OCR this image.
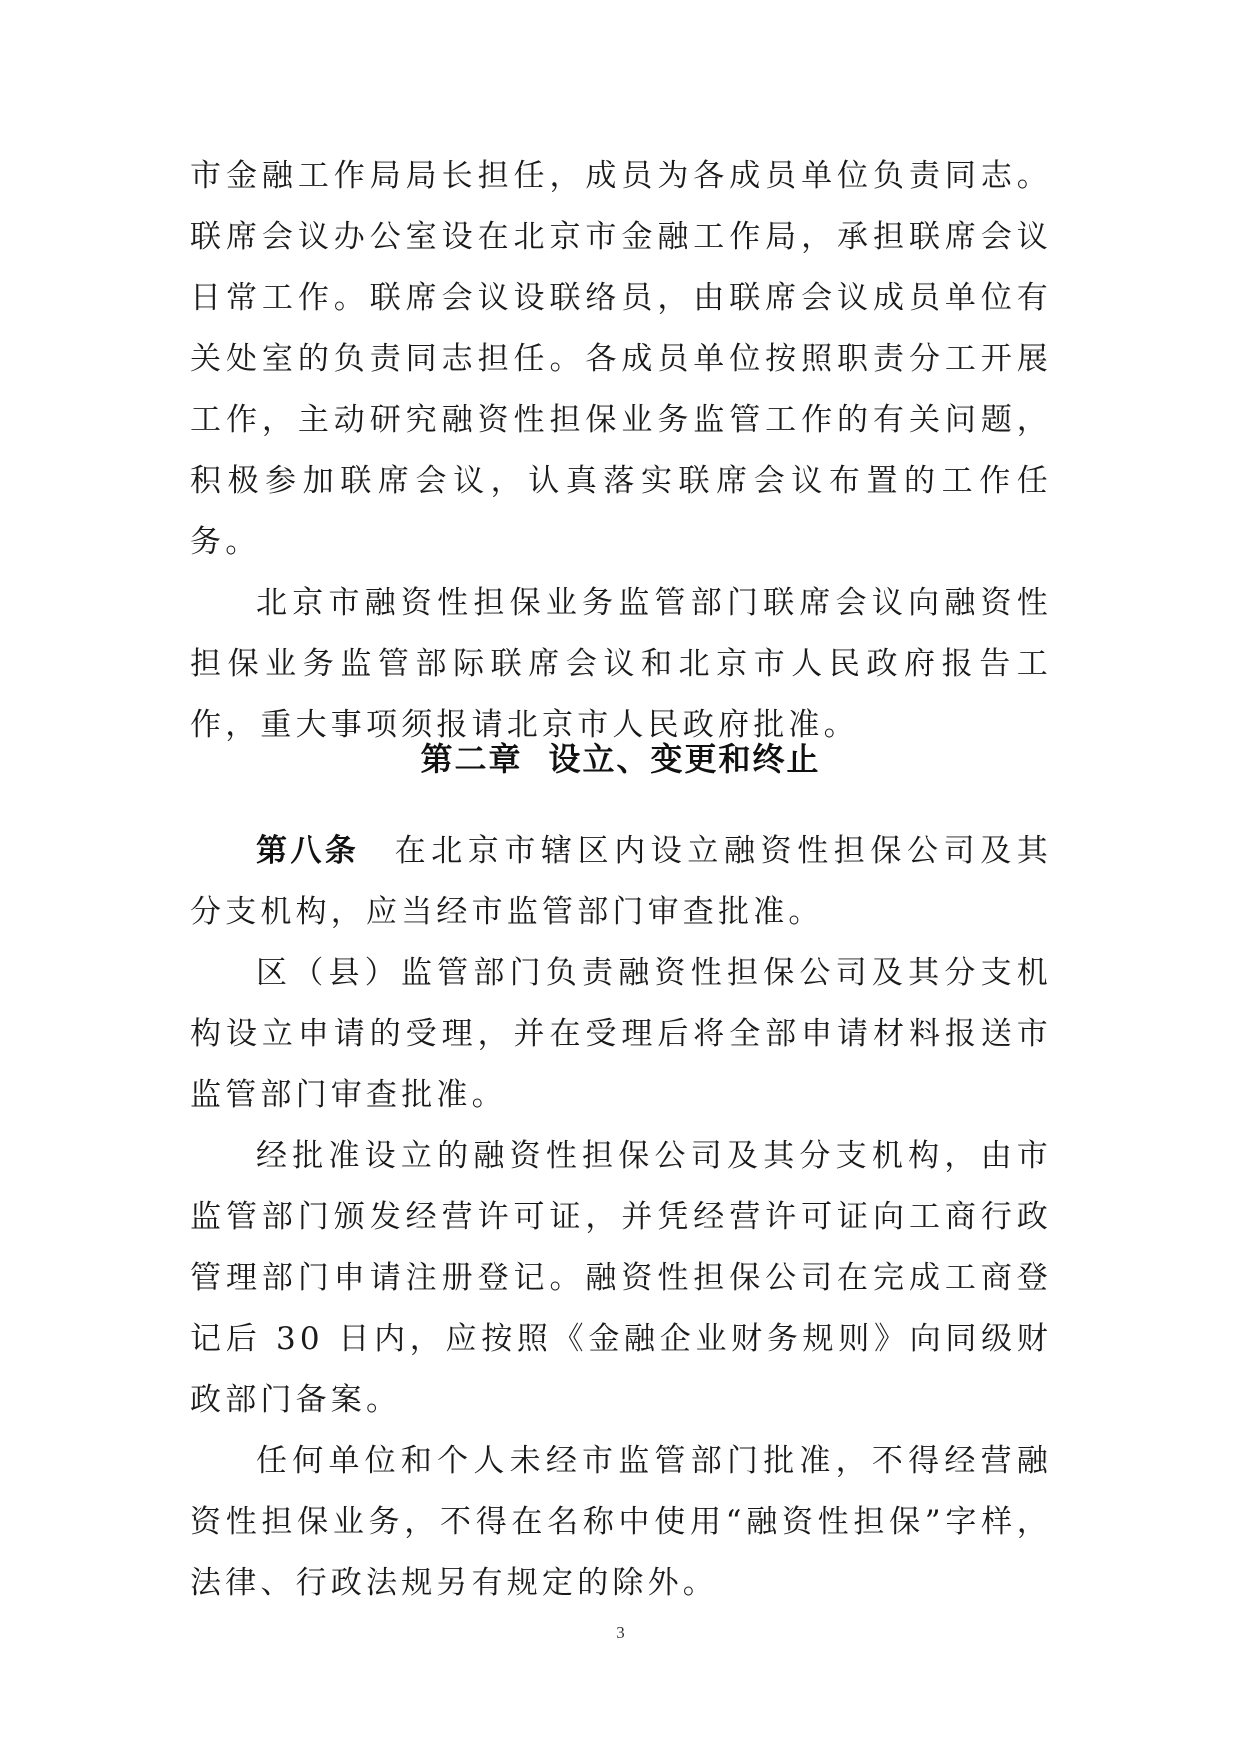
市金融工作局局长担任，成员为各成员单位负责同志。联席会议办公室设在北京市金融工作局，承担联席会议日常工作。联席会议设联络员，由联席会议成员单位有关处室的负责同志担任。各成员单位按照职责分工开展工作，主动研究融资性担保业务监管工作的有关问题，积极参加联席会议，认真落实联席会议布置的工作任务。

北京市融资性担保业务监管部门联席会议向融资性担保业务监管部际联席会议和北京市人民政府报告工作，重大事项须报请北京市人民政府批准。

第二章 设立、变更和终止

第八条 在北京市辖区内设立融资性担保公司及其分支机构，应当经市监管部门审查批准。

区（县）监管部门负责融资性担保公司及其分支机构设立申请的受理，并在受理后将全部申请材料报送市监管部门审查批准。

经批准设立的融资性担保公司及其分支机构，由市监管部门颁发经营许可证，并凭经营许可证向工商行政管理部门申请注册登记。融资性担保公司在完成工商登记后 30 日内，应按照《金融企业财务规则》向同级财政部门备案。

任何单位和个人未经市监管部门批准，不得经营融资性担保业务，不得在名称中使用“融资性担保”字样，法律、行政法规另有规定的除外。

3
